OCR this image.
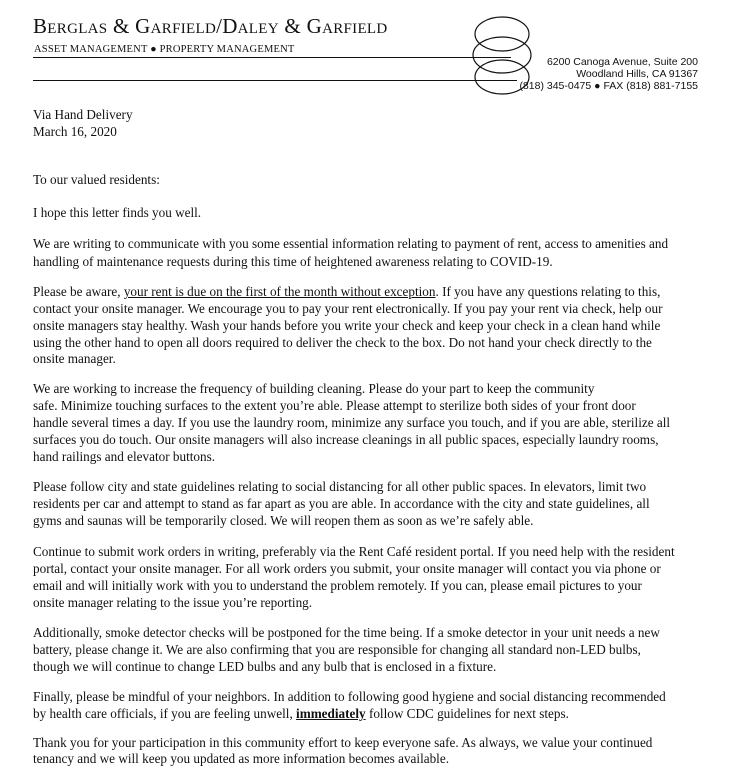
Berglas & Garfield/Daley & Garfield
ASSET MANAGEMENT ● PROPERTY MANAGEMENT
6200 Canoga Avenue, Suite 200
Woodland Hills, CA 91367
(818) 345-0475 ● FAX (818) 881-7155
Via Hand Delivery
March 16, 2020
To our valued residents:
I hope this letter finds you well.
We are writing to communicate with you some essential information relating to payment of rent, access to amenities and
handling of maintenance requests during this time of heightened awareness relating to COVID-19.
Please be aware, your rent is due on the first of the month without exception. If you have any questions relating to this,
contact your onsite manager. We encourage you to pay your rent electronically. If you pay your rent via check, help our
onsite managers stay healthy. Wash your hands before you write your check and keep your check in a clean hand while
using the other hand to open all doors required to deliver the check to the box. Do not hand your check directly to the
onsite manager.
We are working to increase the frequency of building cleaning. Please do your part to keep the community
safe. Minimize touching surfaces to the extent you’re able. Please attempt to sterilize both sides of your front door
handle several times a day. If you use the laundry room, minimize any surface you touch, and if you are able, sterilize all
surfaces you do touch. Our onsite managers will also increase cleanings in all public spaces, especially laundry rooms,
hand railings and elevator buttons.
Please follow city and state guidelines relating to social distancing for all other public spaces. In elevators, limit two
residents per car and attempt to stand as far apart as you are able. In accordance with the city and state guidelines, all
gyms and saunas will be temporarily closed. We will reopen them as soon as we’re safely able.
Continue to submit work orders in writing, preferably via the Rent Café resident portal. If you need help with the resident
portal, contact your onsite manager. For all work orders you submit, your onsite manager will contact you via phone or
email and will initially work with you to understand the problem remotely. If you can, please email pictures to your
onsite manager relating to the issue you’re reporting.
Additionally, smoke detector checks will be postponed for the time being. If a smoke detector in your unit needs a new
battery, please change it. We are also confirming that you are responsible for changing all standard non-LED bulbs,
though we will continue to change LED bulbs and any bulb that is enclosed in a fixture.
Finally, please be mindful of your neighbors. In addition to following good hygiene and social distancing recommended
by health care officials, if you are feeling unwell, immediately follow CDC guidelines for next steps.
Thank you for your participation in this community effort to keep everyone safe. As always, we value your continued
tenancy and we will keep you updated as more information becomes available.
